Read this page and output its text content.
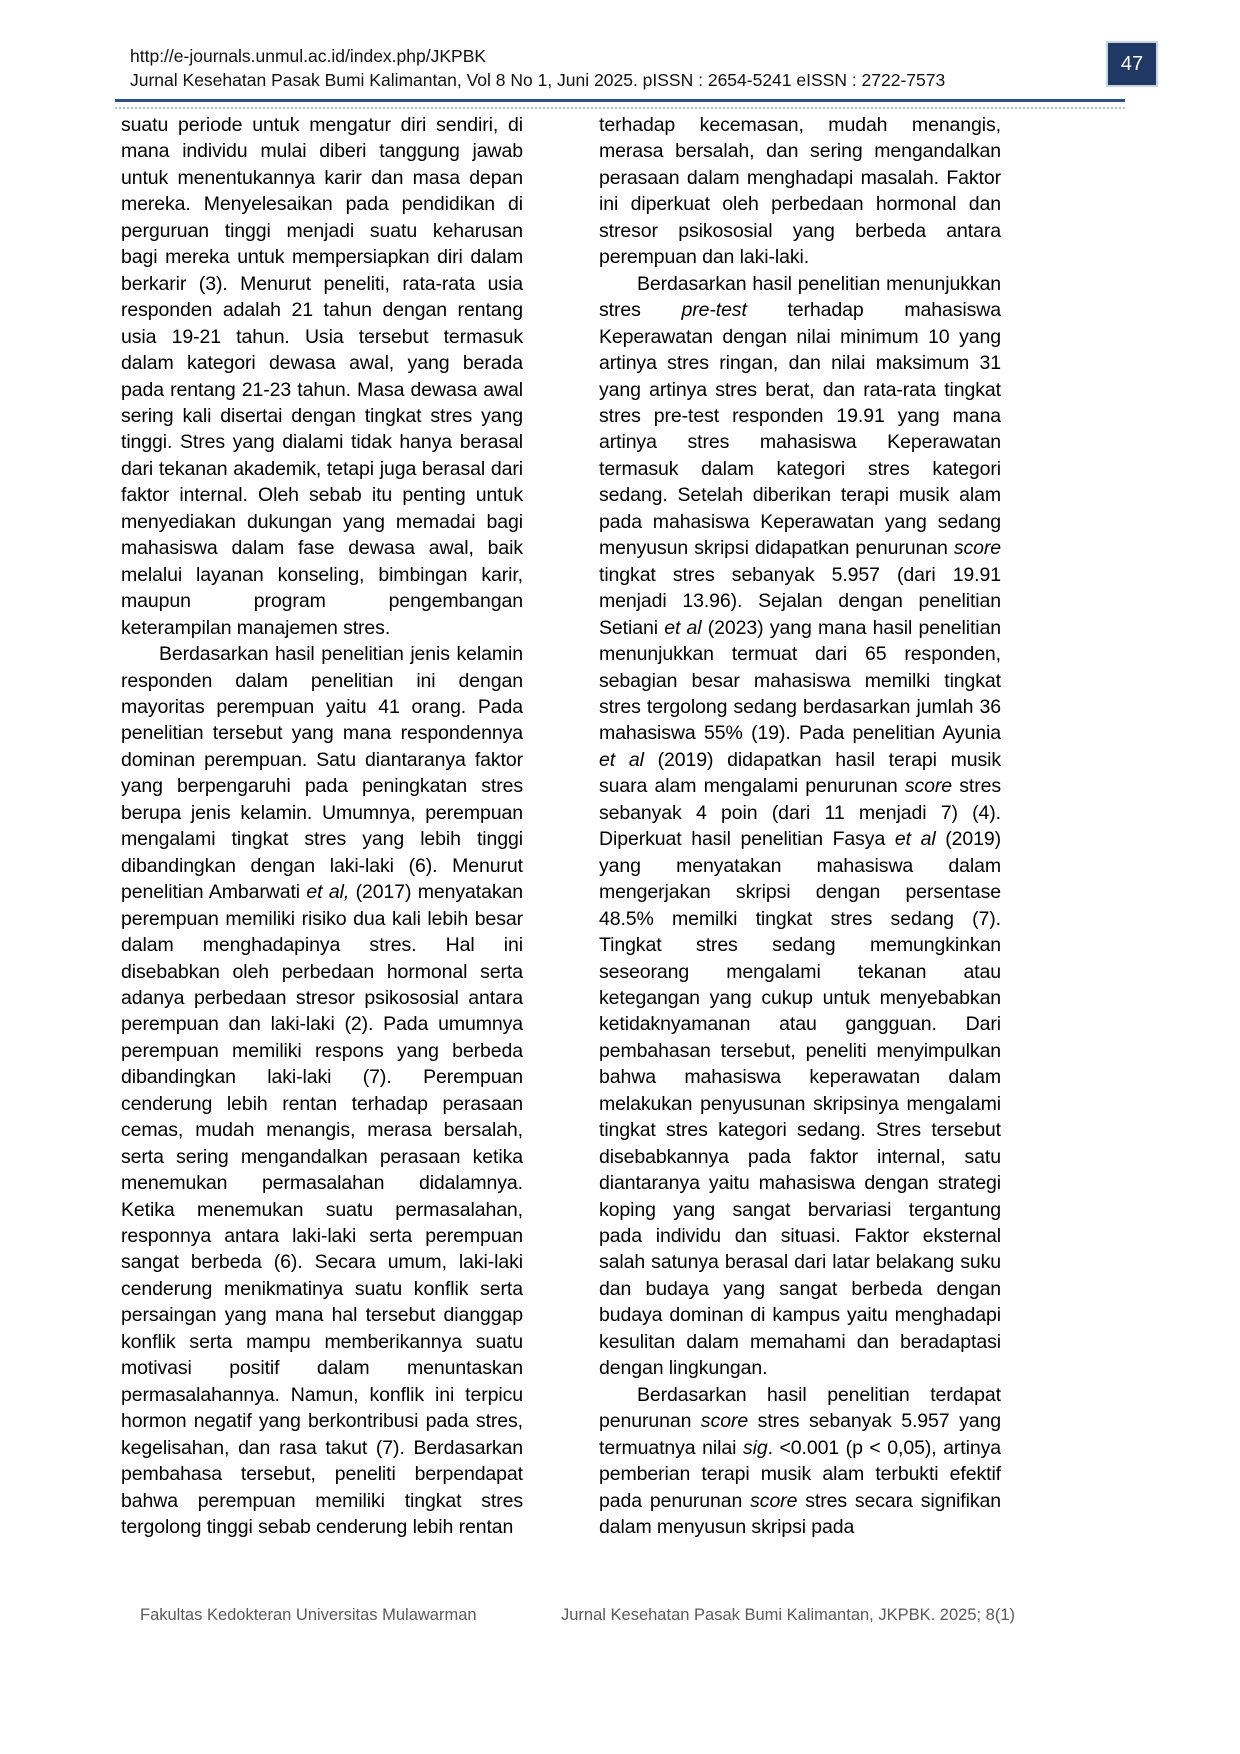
http://e-journals.unmul.ac.id/index.php/JKPBK
Jurnal Kesehatan Pasak Bumi Kalimantan, Vol 8 No 1, Juni 2025. pISSN : 2654-5241 eISSN : 2722-7573
47

suatu periode untuk mengatur diri sendiri, di mana individu mulai diberi tanggung jawab untuk menentukannya karir dan masa depan mereka. Menyelesaikan pada pendidikan di perguruan tinggi menjadi suatu keharusan bagi mereka untuk mempersiapkan diri dalam berkarir (3). Menurut peneliti, rata-rata usia responden adalah 21 tahun dengan rentang usia 19-21 tahun. Usia tersebut termasuk dalam kategori dewasa awal, yang berada pada rentang 21-23 tahun. Masa dewasa awal sering kali disertai dengan tingkat stres yang tinggi. Stres yang dialami tidak hanya berasal dari tekanan akademik, tetapi juga berasal dari faktor internal. Oleh sebab itu penting untuk menyediakan dukungan yang memadai bagi mahasiswa dalam fase dewasa awal, baik melalui layanan konseling, bimbingan karir, maupun program pengembangan keterampilan manajemen stres.

Berdasarkan hasil penelitian jenis kelamin responden dalam penelitian ini dengan mayoritas perempuan yaitu 41 orang. Pada penelitian tersebut yang mana respondennya dominan perempuan. Satu diantaranya faktor yang berpengaruhi pada peningkatan stres berupa jenis kelamin. Umumnya, perempuan mengalami tingkat stres yang lebih tinggi dibandingkan dengan laki-laki (6). Menurut penelitian Ambarwati et al, (2017) menyatakan perempuan memiliki risiko dua kali lebih besar dalam menghadapinya stres. Hal ini disebabkan oleh perbedaan hormonal serta adanya perbedaan stresor psikososial antara perempuan dan laki-laki (2). Pada umumnya perempuan memiliki respons yang berbeda dibandingkan laki-laki (7). Perempuan cenderung lebih rentan terhadap perasaan cemas, mudah menangis, merasa bersalah, serta sering mengandalkan perasaan ketika menemukan permasalahan didalamnya. Ketika menemukan suatu permasalahan, responnya antara laki-laki serta perempuan sangat berbeda (6). Secara umum, laki-laki cenderung menikmatinya suatu konflik serta persaingan yang mana hal tersebut dianggap konflik serta mampu memberikannya suatu motivasi positif dalam menuntaskan permasalahannya. Namun, konflik ini terpicu hormon negatif yang berkontribusi pada stres, kegelisahan, dan rasa takut (7). Berdasarkan pembahasa tersebut, peneliti berpendapat bahwa perempuan memiliki tingkat stres tergolong tinggi sebab cenderung lebih rentan

terhadap kecemasan, mudah menangis, merasa bersalah, dan sering mengandalkan perasaan dalam menghadapi masalah. Faktor ini diperkuat oleh perbedaan hormonal dan stresor psikososial yang berbeda antara perempuan dan laki-laki.

Berdasarkan hasil penelitian menunjukkan stres pre-test terhadap mahasiswa Keperawatan dengan nilai minimum 10 yang artinya stres ringan, dan nilai maksimum 31 yang artinya stres berat, dan rata-rata tingkat stres pre-test responden 19.91 yang mana artinya stres mahasiswa Keperawatan termasuk dalam kategori stres kategori sedang. Setelah diberikan terapi musik alam pada mahasiswa Keperawatan yang sedang menyusun skripsi didapatkan penurunan score tingkat stres sebanyak 5.957 (dari 19.91 menjadi 13.96). Sejalan dengan penelitian Setiani et al (2023) yang mana hasil penelitian menunjukkan termuat dari 65 responden, sebagian besar mahasiswa memilki tingkat stres tergolong sedang berdasarkan jumlah 36 mahasiswa 55% (19). Pada penelitian Ayunia et al (2019) didapatkan hasil terapi musik suara alam mengalami penurunan score stres sebanyak 4 poin (dari 11 menjadi 7) (4). Diperkuat hasil penelitian Fasya et al (2019) yang menyatakan mahasiswa dalam mengerjakan skripsi dengan persentase 48.5% memilki tingkat stres sedang (7). Tingkat stres sedang memungkinkan seseorang mengalami tekanan atau ketegangan yang cukup untuk menyebabkan ketidaknyamanan atau gangguan. Dari pembahasan tersebut, peneliti menyimpulkan bahwa mahasiswa keperawatan dalam melakukan penyusunan skripsinya mengalami tingkat stres kategori sedang. Stres tersebut disebabkannya pada faktor internal, satu diantaranya yaitu mahasiswa dengan strategi koping yang sangat bervariasi tergantung pada individu dan situasi. Faktor eksternal salah satunya berasal dari latar belakang suku dan budaya yang sangat berbeda dengan budaya dominan di kampus yaitu menghadapi kesulitan dalam memahami dan beradaptasi dengan lingkungan.

Berdasarkan hasil penelitian terdapat penurunan score stres sebanyak 5.957 yang termuatnya nilai sig. <0.001 (p < 0,05), artinya pemberian terapi musik alam terbukti efektif pada penurunan score stres secara signifikan dalam menyusun skripsi pada

Fakultas Kedokteran Universitas Mulawarman	Jurnal Kesehatan Pasak Bumi Kalimantan, JKPBK. 2025; 8(1)
